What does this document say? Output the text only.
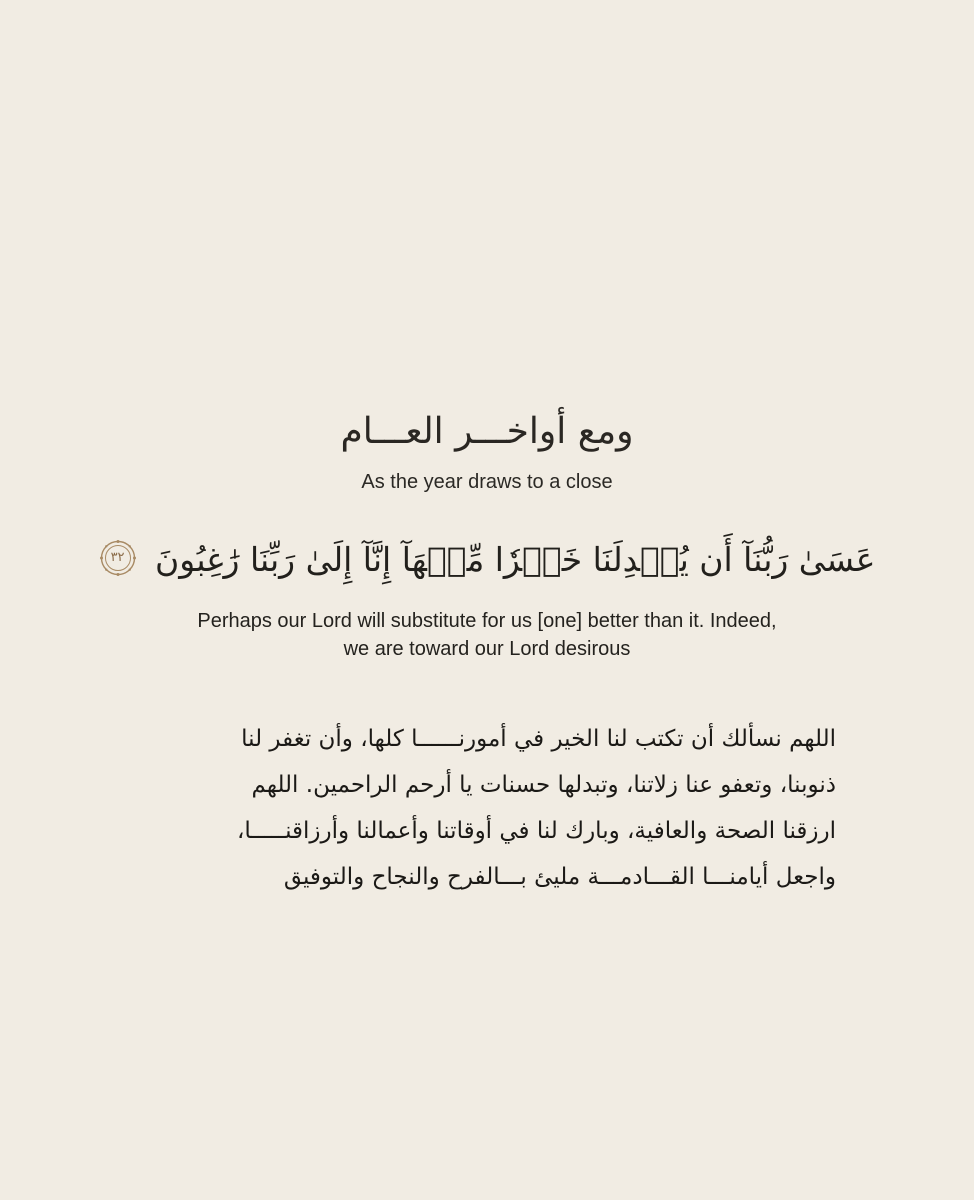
ومع أواخـــر العـــام
As the year draws to a close
عَسَىٰ رَبُّنَآ أَن يُبۡدِلَنَا خَيۡرٗا مِّنۡهَآ إِنَّآ إِلَىٰ رَبِّنَا رَٰغِبُونَ
٣٢
Perhaps our Lord will substitute for us [one] better than it. Indeed,
we are toward our Lord desirous
اللهم نسألك أن تكتب لنا الخير في أمورنــــــا كلها، وأن تغفر لنا
ذنوبنا، وتعفو عنا زلاتنا، وتبدلها حسنات يا أرحم الراحمين. اللهم
ارزقنا الصحة والعافية، وبارك لنا في أوقاتنا وأعمالنا وأرزاقنـــــا،
واجعل أيامنـــا القـــادمـــة مليئ بـــالفرح والنجاح والتوفيق
